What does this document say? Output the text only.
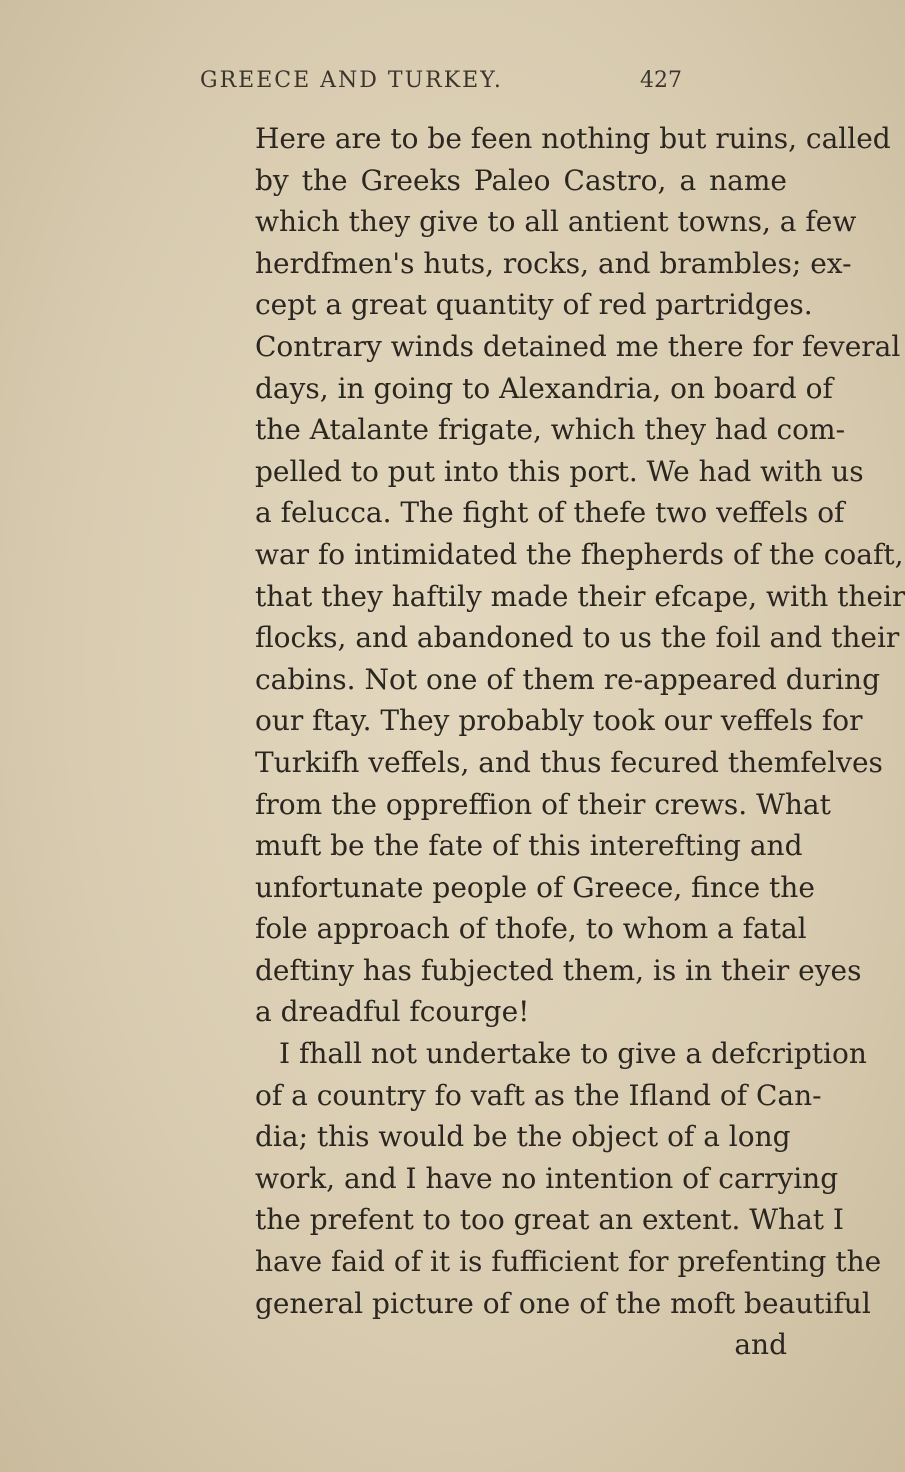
GREECE AND TURKEY.	427
Here are to be feen nothing but ruins, called
by the Greeks Paleo Castro, a name
which they give to all antient towns, a few
herdfmen's huts, rocks, and brambles; ex-
cept a great quantity of red partridges.
Contrary winds detained me there for feveral
days, in going to Alexandria, on board of
the Atalante frigate, which they had com-
pelled to put into this port. We had with us
a felucca. The fight of thefe two veffels of
war fo intimidated the fhepherds of the coaft,
that they haftily made their efcape, with their
flocks, and abandoned to us the foil and their
cabins. Not one of them re-appeared during
our ftay. They probably took our veffels for
Turkifh veffels, and thus fecured themfelves
from the oppreffion of their crews. What
muft be the fate of this interefting and
unfortunate people of Greece, fince the
fole approach of thofe, to whom a fatal
deftiny has fubjected them, is in their eyes
a dreadful fcourge!
I fhall not undertake to give a defcription
of a country fo vaft as the Ifland of Can-
dia; this would be the object of a long
work, and I have no intention of carrying
the prefent to too great an extent. What I
have faid of it is fufficient for prefenting the
general picture of one of the moft beautiful
and
